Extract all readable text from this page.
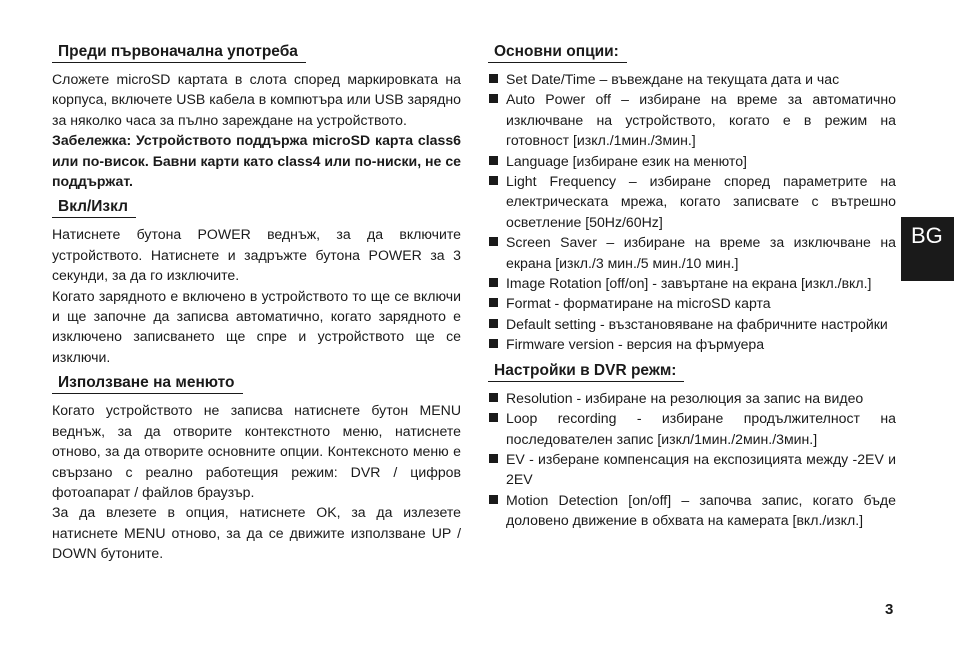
Преди първоначална употреба

Сложете microSD картата в слота според маркировката на корпуса, включете USB кабела в компютъра или USB зарядно за няколко часа за пълно зареждане на устройството.

Забележка: Устройството поддържа microSD карта class6 или по-висок. Бавни карти като class4 или по-ниски, не се поддържат.

Вкл/Изкл

Натиснете бутона POWER веднъж, за да включите устройството. Натиснете и задръжте бутона POWER за 3 секунди, за да го изключите.

Когато зарядното е включено в устройството то ще се включи и ще започне да записва автоматично, когато зарядното е изключено записването ще спре и устройството ще се изключи.

Използване на менюто

Когато устройството не записва натиснете бутон MENU веднъж, за да отворите контекстното меню, натиснете отново, за да отворите основните опции. Контексното меню е свързано с реално работещия режим: DVR / цифров фотоапарат / файлов браузър.

За да влезете в опция, натиснете OK, за да излезете натиснете MENU отново, за да се движите използване UP / DOWN бутоните.

Основни опции:
Set Date/Time – въвеждане на текущата дата и час
Auto Power off – избиране на време за автоматично изключване на устройството, когато е в режим на готовност [изкл./1мин./3мин.]
Language [избиране език на менюто]
Light Frequency – избиране според параметрите на електрическата мрежа, когато записвате с вътрешно осветление [50Hz/60Hz]
Screen Saver – избиране на време за изключване на екрана [изкл./3 мин./5 мин./10 мин.]
Image Rotation [off/on] - завъртане на екрана [изкл./вкл.]
Format - форматиране на microSD карта
Default setting - възстановяване на фабричните настройки
Firmware version - версия на фърмуера
Настройки в DVR режм:
Resolution - избиране на резолюция за запис на видео
Loop recording - избиране продължителност на последователен запис [изкл/1мин./2мин./3мин.]
EV - изберане компенсация на експозицията между -2EV и 2EV
Motion Detection [on/off] – започва запис, когато бъде доловено движение в обхвата на камерата [вкл./изкл.]
BG
3
